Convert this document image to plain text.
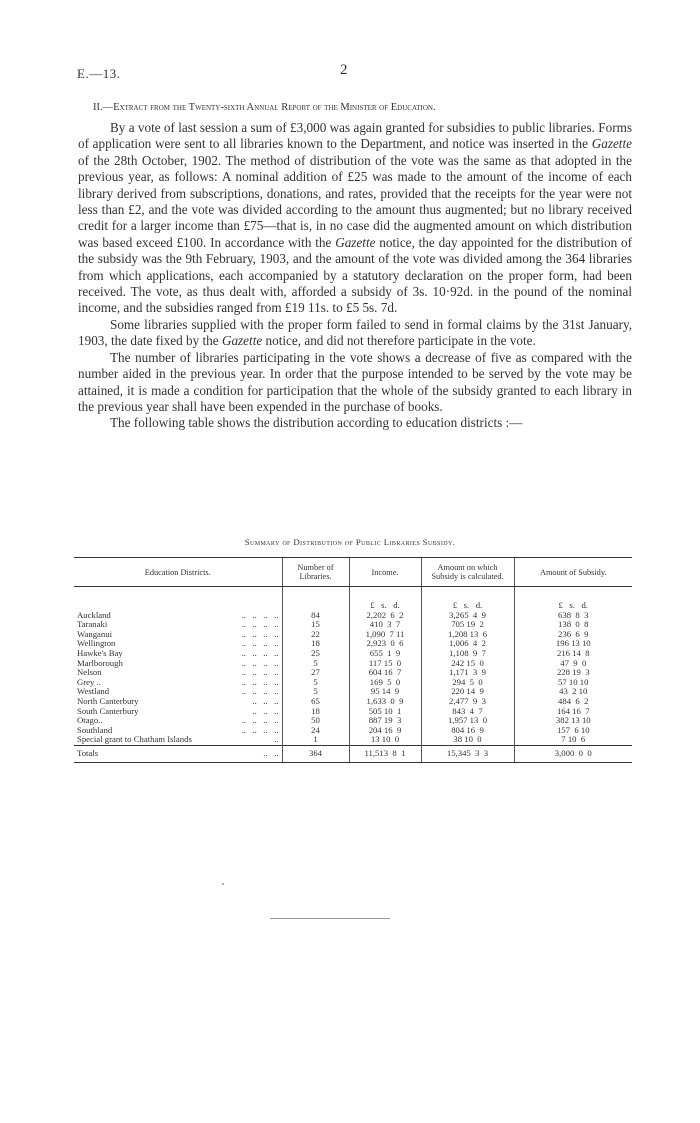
E.—13.	2
II.—Extract from the Twenty-sixth Annual Report of the Minister of Education.

By a vote of last session a sum of £3,000 was again granted for subsidies to public libraries. Forms of application were sent to all libraries known to the Department, and notice was inserted in the Gazette of the 28th October, 1902. The method of distribution of the vote was the same as that adopted in the previous year, as follows: A nominal addition of £25 was made to the amount of the income of each library derived from subscriptions, donations, and rates, provided that the receipts for the year were not less than £2, and the vote was divided according to the amount thus augmented; but no library received credit for a larger income than £75—that is, in no case did the augmented amount on which distribution was based exceed £100. In accordance with the Gazette notice, the day appointed for the distribution of the subsidy was the 9th February, 1903, and the amount of the vote was divided among the 364 libraries from which applications, each accompanied by a statutory declaration on the proper form, had been received. The vote, as thus dealt with, afforded a subsidy of 3s. 10·92d. in the pound of the nominal income, and the subsidies ranged from £19 11s. to £5 5s. 7d.

Some libraries supplied with the proper form failed to send in formal claims by the 31st January, 1903, the date fixed by the Gazette notice, and did not therefore participate in the vote.

The number of libraries participating in the vote shows a decrease of five as compared with the number aided in the previous year. In order that the purpose intended to be served by the vote may be attained, it is made a condition for participation that the whole of the subsidy granted to each library in the previous year shall have been expended in the purchase of books.

The following table shows the distribution according to education districts :—

Summary of Distribution of Public Libraries Subsidy.
Education Districts.	Number of Libraries.	Income.	Amount on which Subsidy is calculated.	Amount of Subsidy.

		£   s.   d.	£   s.   d.	£   s.   d.
Auckland ..   ..   ..   ..	84	2,202  6  2	3,265  4  9	638  8  3
Taranaki ..   ..   ..   ..	15	410  3  7	705 19  2	138  0  8
Wanganui ..   ..   ..   ..	22	1,090  7 11	1,208 13  6	236  6  9
Wellington ..   ..   ..   ..	18	2,923  0  6	1,006  4  2	196 13 10
Hawke's Bay ..   ..   ..   ..	25	655  1  9	1,108  9  7	216 14  8
Marlborough ..   ..   ..   ..	5	117 15  0	242 15  0	47  9  0
Nelson ..   ..   ..   ..	27	604 16  7	1,171  3  9	228 19  3
Grey .. ..   ..   ..   ..	5	169  5  0	294  5  0	57 10 10
Westland ..   ..   ..   ..	5	95 14  9	220 14  9	43  2 10
North Canterbury ..   ..   ..	65	1,633  0  9	2,477  9  3	484  6  2
South Canterbury ..   ..   ..	18	505 10  1	843  4  7	164 16  7
Otago.. ..   ..   ..   ..	50	887 19  3	1,957 13  0	382 13 10
Southland ..   ..   ..   ..	24	204 16  9	804 16  9	157  6 10
Special grant to Chatham Islands ..	1	13 10  0	38 10  0	7 10  6
Totals ..   ..	364	11,513  8  1	15,345  3  3	3,000  0  0
